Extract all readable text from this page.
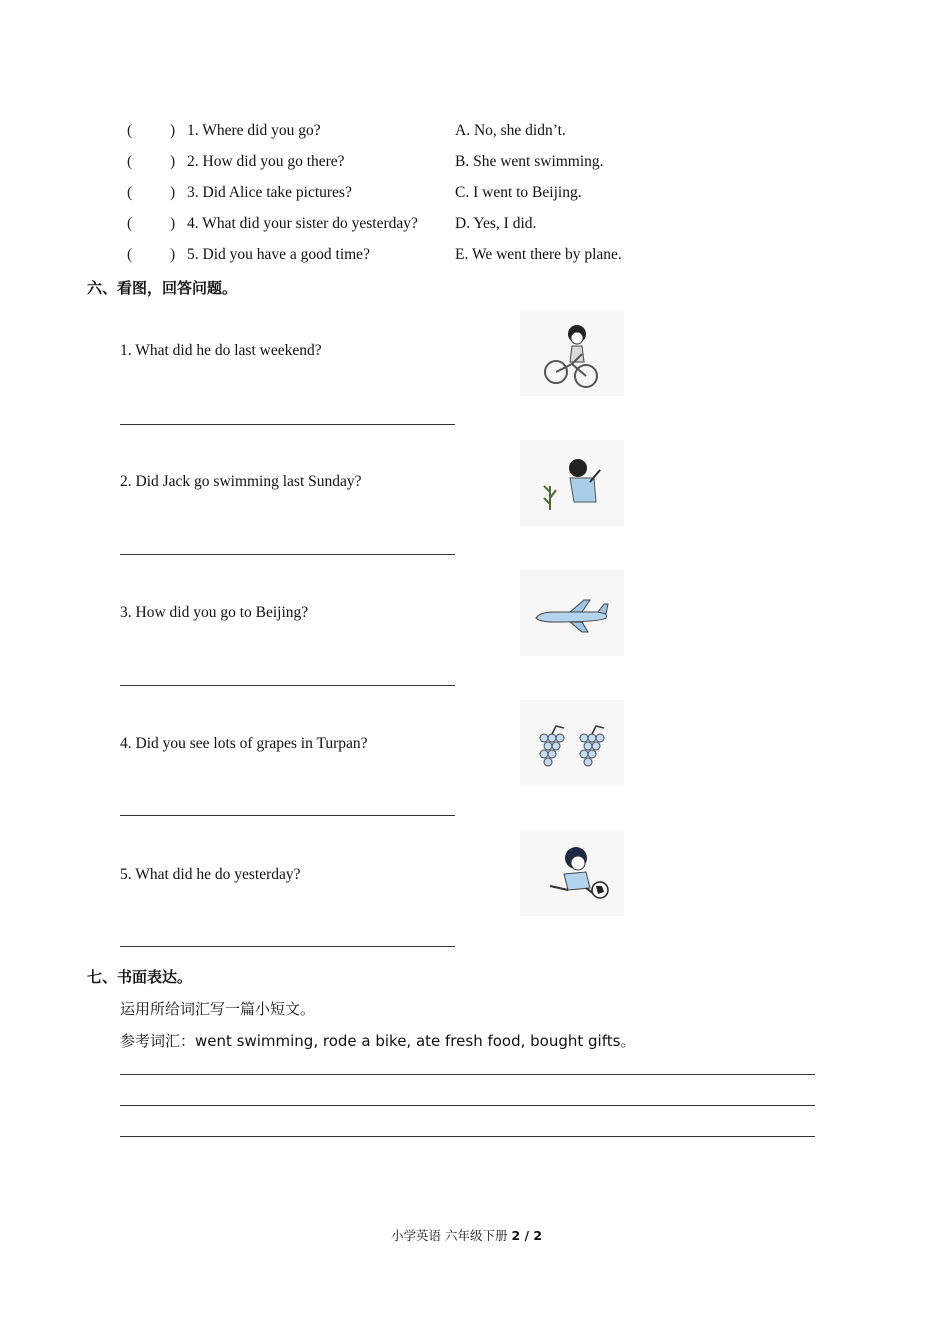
( ) 1. Where did you go?	A. No, she didn’t.
( ) 2. How did you go there?	B. She went swimming.
( ) 3. Did Alice take pictures?	C. I went to Beijing.
( ) 4. What did your sister do yesterday? D. Yes, I did.
( ) 5. Did you have a good time?	E. We went there by plane.
六、看图，回答问题。
1. What did he do last weekend?
2. Did Jack go swimming last Sunday?
3. How did you go to Beijing?
4. Did you see lots of grapes in Turpan?
5. What did he do yesterday?
七、书面表达。
运用所给词汇写一篇小短文。
参考词汇：went swimming, rode a bike, ate fresh food, bought gifts。
小学英语 六年级下册 2 / 2
